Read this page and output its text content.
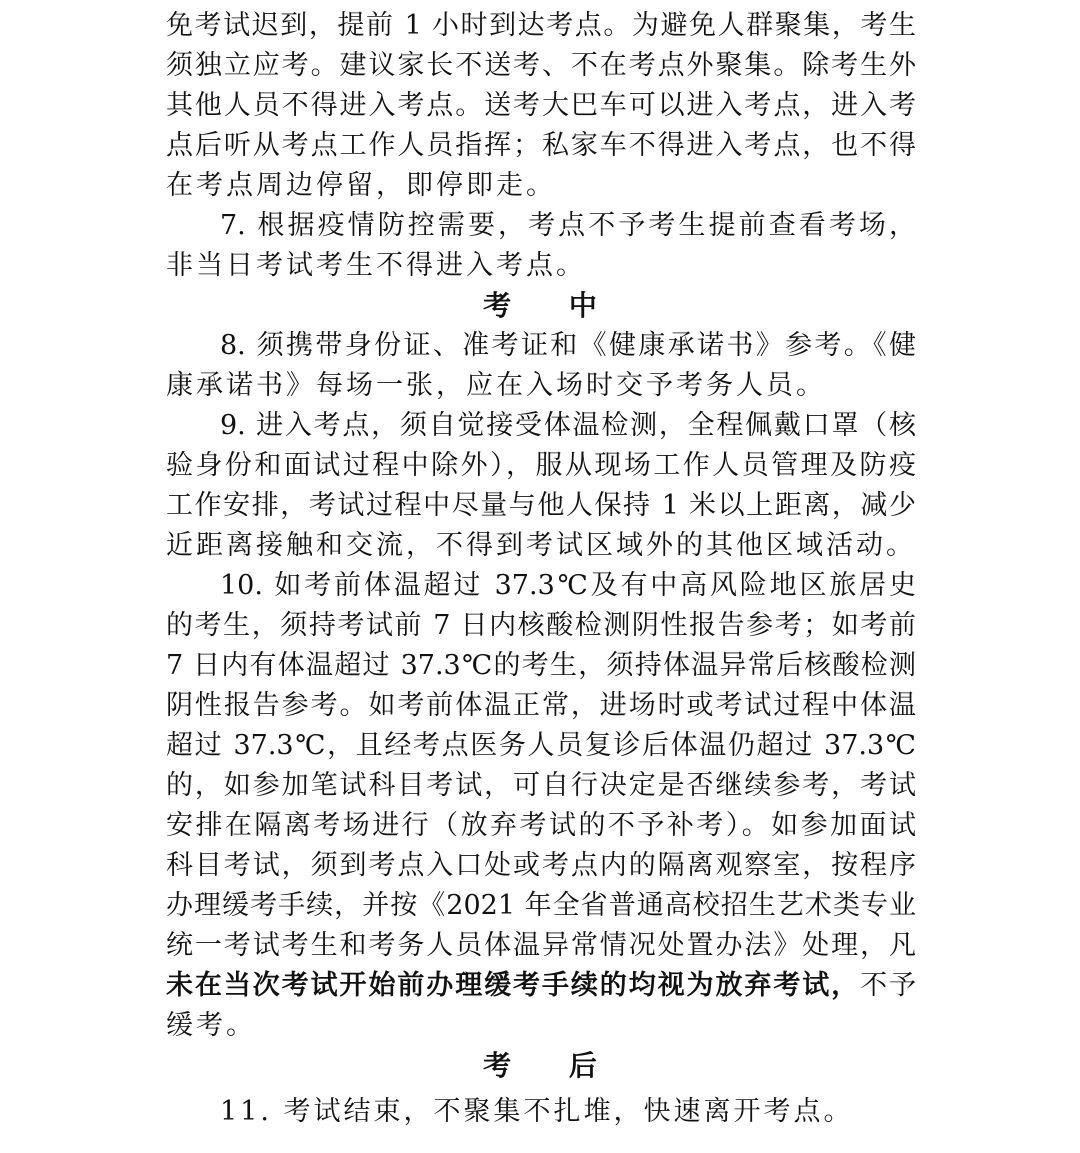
免考试迟到，提前 1 小时到达考点。为避免人群聚集，考生
须独立应考。建议家长不送考、不在考点外聚集。除考生外
其他人员不得进入考点。送考大巴车可以进入考点，进入考
点后听从考点工作人员指挥；私家车不得进入考点，也不得
在考点周边停留，即停即走。
7. 根据疫情防控需要，考点不予考生提前查看考场，
非当日考试考生不得进入考点。
考 中
8. 须携带身份证、准考证和《健康承诺书》参考。《健
康承诺书》每场一张，应在入场时交予考务人员。
9. 进入考点，须自觉接受体温检测，全程佩戴口罩（核
验身份和面试过程中除外），服从现场工作人员管理及防疫
工作安排，考试过程中尽量与他人保持 1 米以上距离，减少
近距离接触和交流，不得到考试区域外的其他区域活动。
10. 如考前体温超过 37.3℃及有中高风险地区旅居史
的考生，须持考试前 7 日内核酸检测阴性报告参考；如考前
7 日内有体温超过 37.3℃的考生，须持体温异常后核酸检测
阴性报告参考。如考前体温正常，进场时或考试过程中体温
超过 37.3℃，且经考点医务人员复诊后体温仍超过 37.3℃
的，如参加笔试科目考试，可自行决定是否继续参考，考试
安排在隔离考场进行（放弃考试的不予补考）。如参加面试
科目考试，须到考点入口处或考点内的隔离观察室，按程序
办理缓考手续，并按《2021 年全省普通高校招生艺术类专业
统一考试考生和考务人员体温异常情况处置办法》处理，凡
未在当次考试开始前办理缓考手续的均视为放弃考试，不予
缓考。
考 后
11. 考试结束，不聚集不扎堆，快速离开考点。
